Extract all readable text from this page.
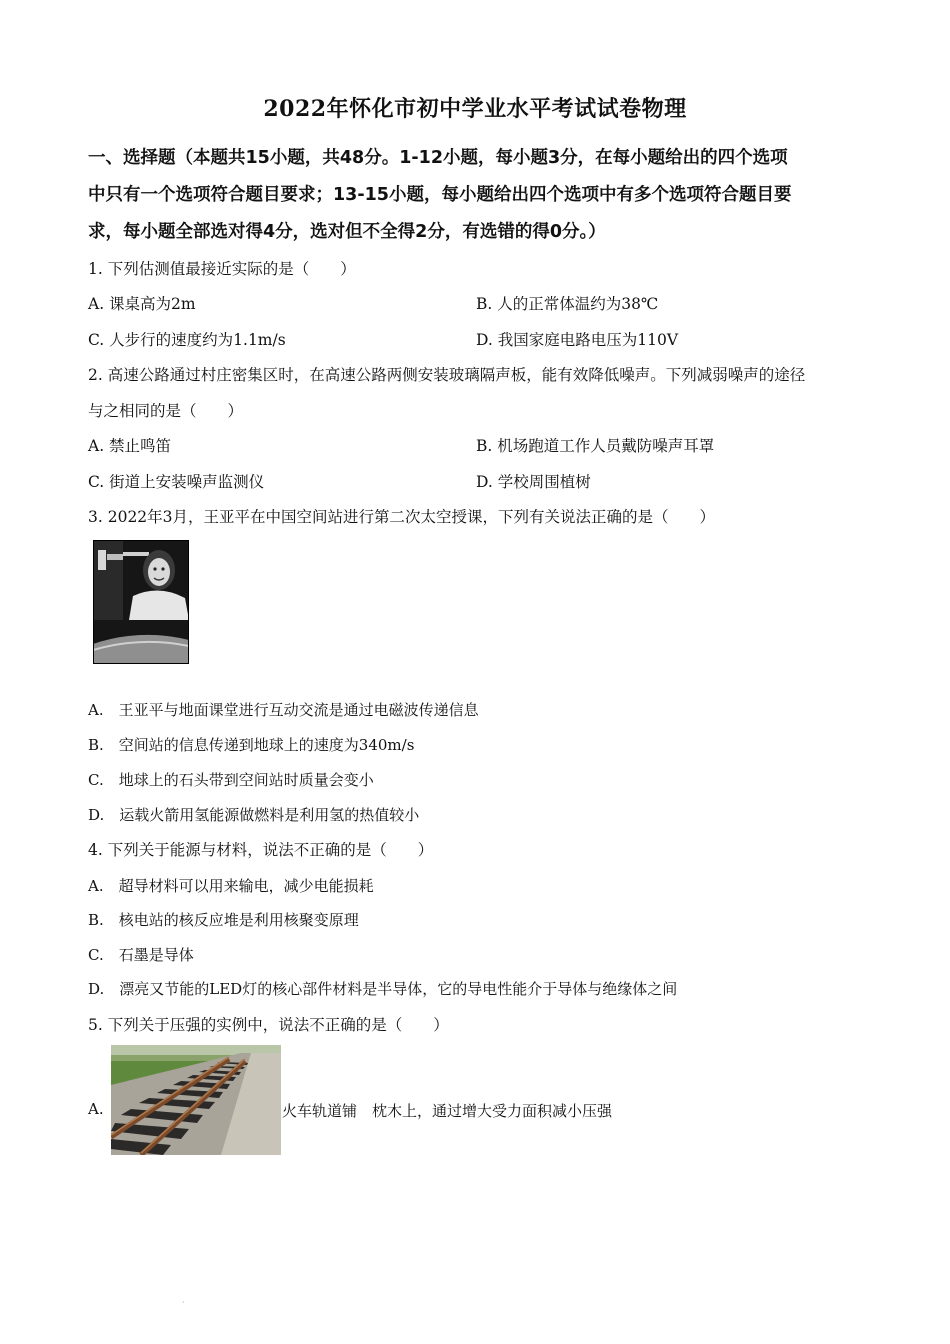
2022年怀化市初中学业水平考试试卷物理
一、选择题（本题共15小题，共48分。1-12小题，每小题3分，在每小题给出的四个选项
中只有一个选项符合题目要求；13-15小题，每小题给出四个选项中有多个选项符合题目要
求，每小题全部选对得4分，选对但不全得2分，有选错的得0分。）
1. 下列估测值最接近实际的是（　　）
A. 课桌高为2m	B. 人的正常体温约为38℃
C. 人步行的速度约为1.1m/s	D. 我国家庭电路电压为110V
2. 高速公路通过村庄密集区时，在高速公路两侧安装玻璃隔声板，能有效降低噪声。下列减弱噪声的途径
与之相同的是（　　）
A. 禁止鸣笛	B. 机场跑道工作人员戴防噪声耳罩
C. 街道上安装噪声监测仪	D. 学校周围植树
3. 2022年3月，王亚平在中国空间站进行第二次太空授课，下列有关说法正确的是（　　）
A.　王亚平与地面课堂进行互动交流是通过电磁波传递信息
B.　空间站的信息传递到地球上的速度为340m/s
C.　地球上的石头带到空间站时质量会变小
D.　运载火箭用氢能源做燃料是利用氢的热值较小
4. 下列关于能源与材料，说法不正确的是（　　）
A.　超导材料可以用来输电，减少电能损耗
B.　核电站的核反应堆是利用核聚变原理
C.　石墨是导体
D.　漂亮又节能的LED灯的核心部件材料是半导体，它的导电性能介于导体与绝缘体之间
5. 下列关于压强的实例中，说法不正确的是（　　）
A.	火车轨道铺　枕木上，通过增大受力面积减小压强
·
